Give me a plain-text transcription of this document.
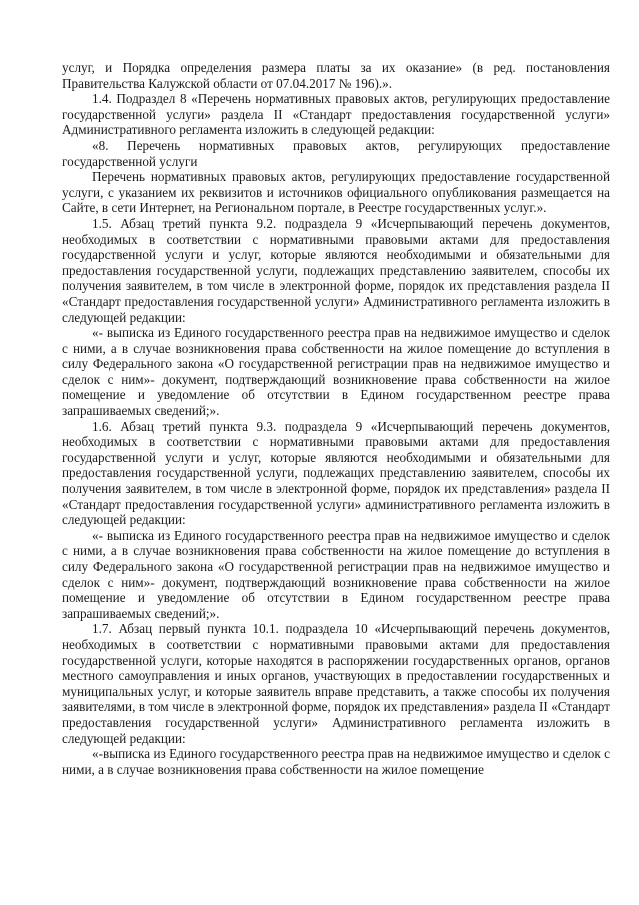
услуг, и Порядка определения размера платы за их оказание» (в ред. постановления Правительства Калужской области от 07.04.2017 № 196).».

1.4. Подраздел 8 «Перечень нормативных правовых актов, регулирующих предоставление государственной услуги» раздела II «Стандарт предоставления государственной услуги» Административного регламента изложить в следующей редакции:

«8. Перечень нормативных правовых актов, регулирующих предоставление государственной услуги

Перечень нормативных правовых актов, регулирующих предоставление государственной услуги, с указанием их реквизитов и источников официального опубликования размещается на Сайте, в сети Интернет, на Региональном портале, в Реестре государственных услуг.».

1.5. Абзац третий пункта 9.2. подраздела 9 «Исчерпывающий перечень документов, необходимых в соответствии с нормативными правовыми актами для предоставления государственной услуги и услуг, которые являются необходимыми и обязательными для предоставления государственной услуги, подлежащих представлению заявителем, способы их получения заявителем, в том числе в электронной форме, порядок их представления раздела II «Стандарт предоставления государственной услуги» Административного регламента изложить в следующей редакции:

«- выписка из Единого государственного реестра прав на недвижимое имущество и сделок с ними, а в случае возникновения права собственности на жилое помещение до вступления в силу Федерального закона «О государственной регистрации прав на недвижимое имущество и сделок с ним»- документ, подтверждающий возникновение права собственности на жилое помещение и уведомление об отсутствии в Едином государственном реестре права запрашиваемых сведений;».

1.6. Абзац третий пункта 9.3. подраздела 9 «Исчерпывающий перечень документов, необходимых в соответствии с нормативными правовыми актами для предоставления государственной услуги и услуг, которые являются необходимыми и обязательными для предоставления государственной услуги, подлежащих представлению заявителем, способы их получения заявителем, в том числе в электронной форме, порядок их представления» раздела II «Стандарт предоставления государственной услуги» административного регламента изложить в следующей редакции:

«- выписка из Единого государственного реестра прав на недвижимое имущество и сделок с ними, а в случае возникновения права собственности на жилое помещение до вступления в силу Федерального закона «О государственной регистрации прав на недвижимое имущество и сделок с ним»- документ, подтверждающий возникновение права собственности на жилое помещение и уведомление об отсутствии в Едином государственном реестре права запрашиваемых сведений;».

1.7. Абзац первый пункта 10.1. подраздела 10 «Исчерпывающий перечень документов, необходимых в соответствии с нормативными правовыми актами для предоставления государственной услуги, которые находятся в распоряжении государственных органов, органов местного самоуправления и иных органов, участвующих в предоставлении государственных и муниципальных услуг, и которые заявитель вправе представить, а также способы их получения заявителями, в том числе в электронной форме, порядок их представления» раздела II «Стандарт предоставления государственной услуги» Административного регламента изложить в следующей редакции:

«-выписка из Единого государственного реестра прав на недвижимое имущество и сделок с ними, а в случае возникновения права собственности на жилое помещение
